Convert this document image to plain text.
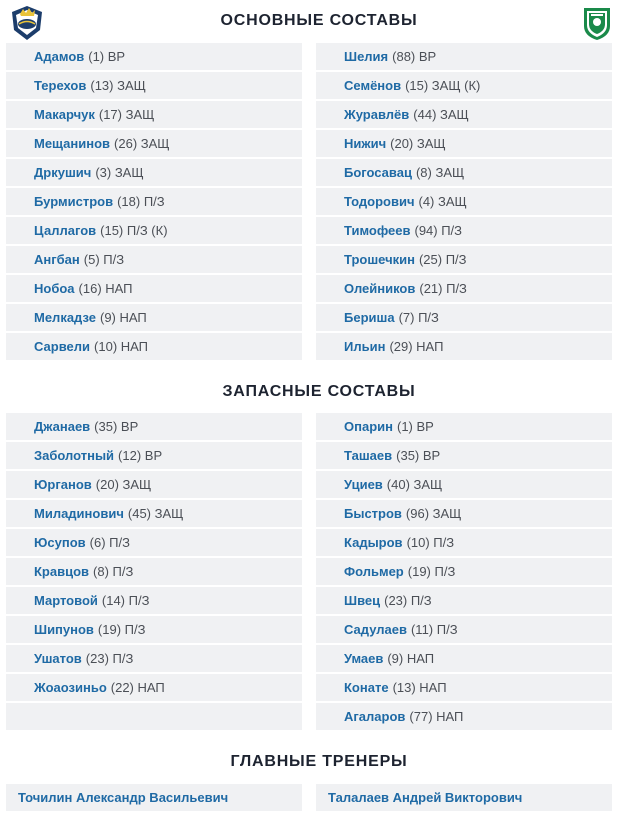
ОСНОВНЫЕ СОСТАВЫ
Адамов (1) ВР
Терехов (13) ЗАЩ
Макарчук (17) ЗАЩ
Мещанинов (26) ЗАЩ
Дркушич (3) ЗАЩ
Бурмистров (18) П/З
Цаллагов (15) П/З (К)
Ангбан (5) П/З
Нобоа (16) НАП
Мелкадзе (9) НАП
Сарвели (10) НАП
Шелия (88) ВР
Семёнов (15) ЗАЩ (К)
Журавлёв (44) ЗАЩ
Нижич (20) ЗАЩ
Богосавац (8) ЗАЩ
Тодорович (4) ЗАЩ
Тимофеев (94) П/З
Трошечкин (25) П/З
Олейников (21) П/З
Бериша (7) П/З
Ильин (29) НАП
ЗАПАСНЫЕ СОСТАВЫ
Джанаев (35) ВР
Заболотный (12) ВР
Юрганов (20) ЗАЩ
Миладинович (45) ЗАЩ
Юсупов (6) П/З
Кравцов (8) П/З
Мартовой (14) П/З
Шипунов (19) П/З
Ушатов (23) П/З
Жоаозиньо (22) НАП
Опарин (1) ВР
Ташаев (35) ВР
Уциев (40) ЗАЩ
Быстров (96) ЗАЩ
Кадыров (10) П/З
Фольмер (19) П/З
Швец (23) П/З
Садулаев (11) П/З
Умаев (9) НАП
Конате (13) НАП
Агаларов (77) НАП
ГЛАВНЫЕ ТРЕНЕРЫ
Точилин Александр Васильевич	Талалаев Андрей Викторович
